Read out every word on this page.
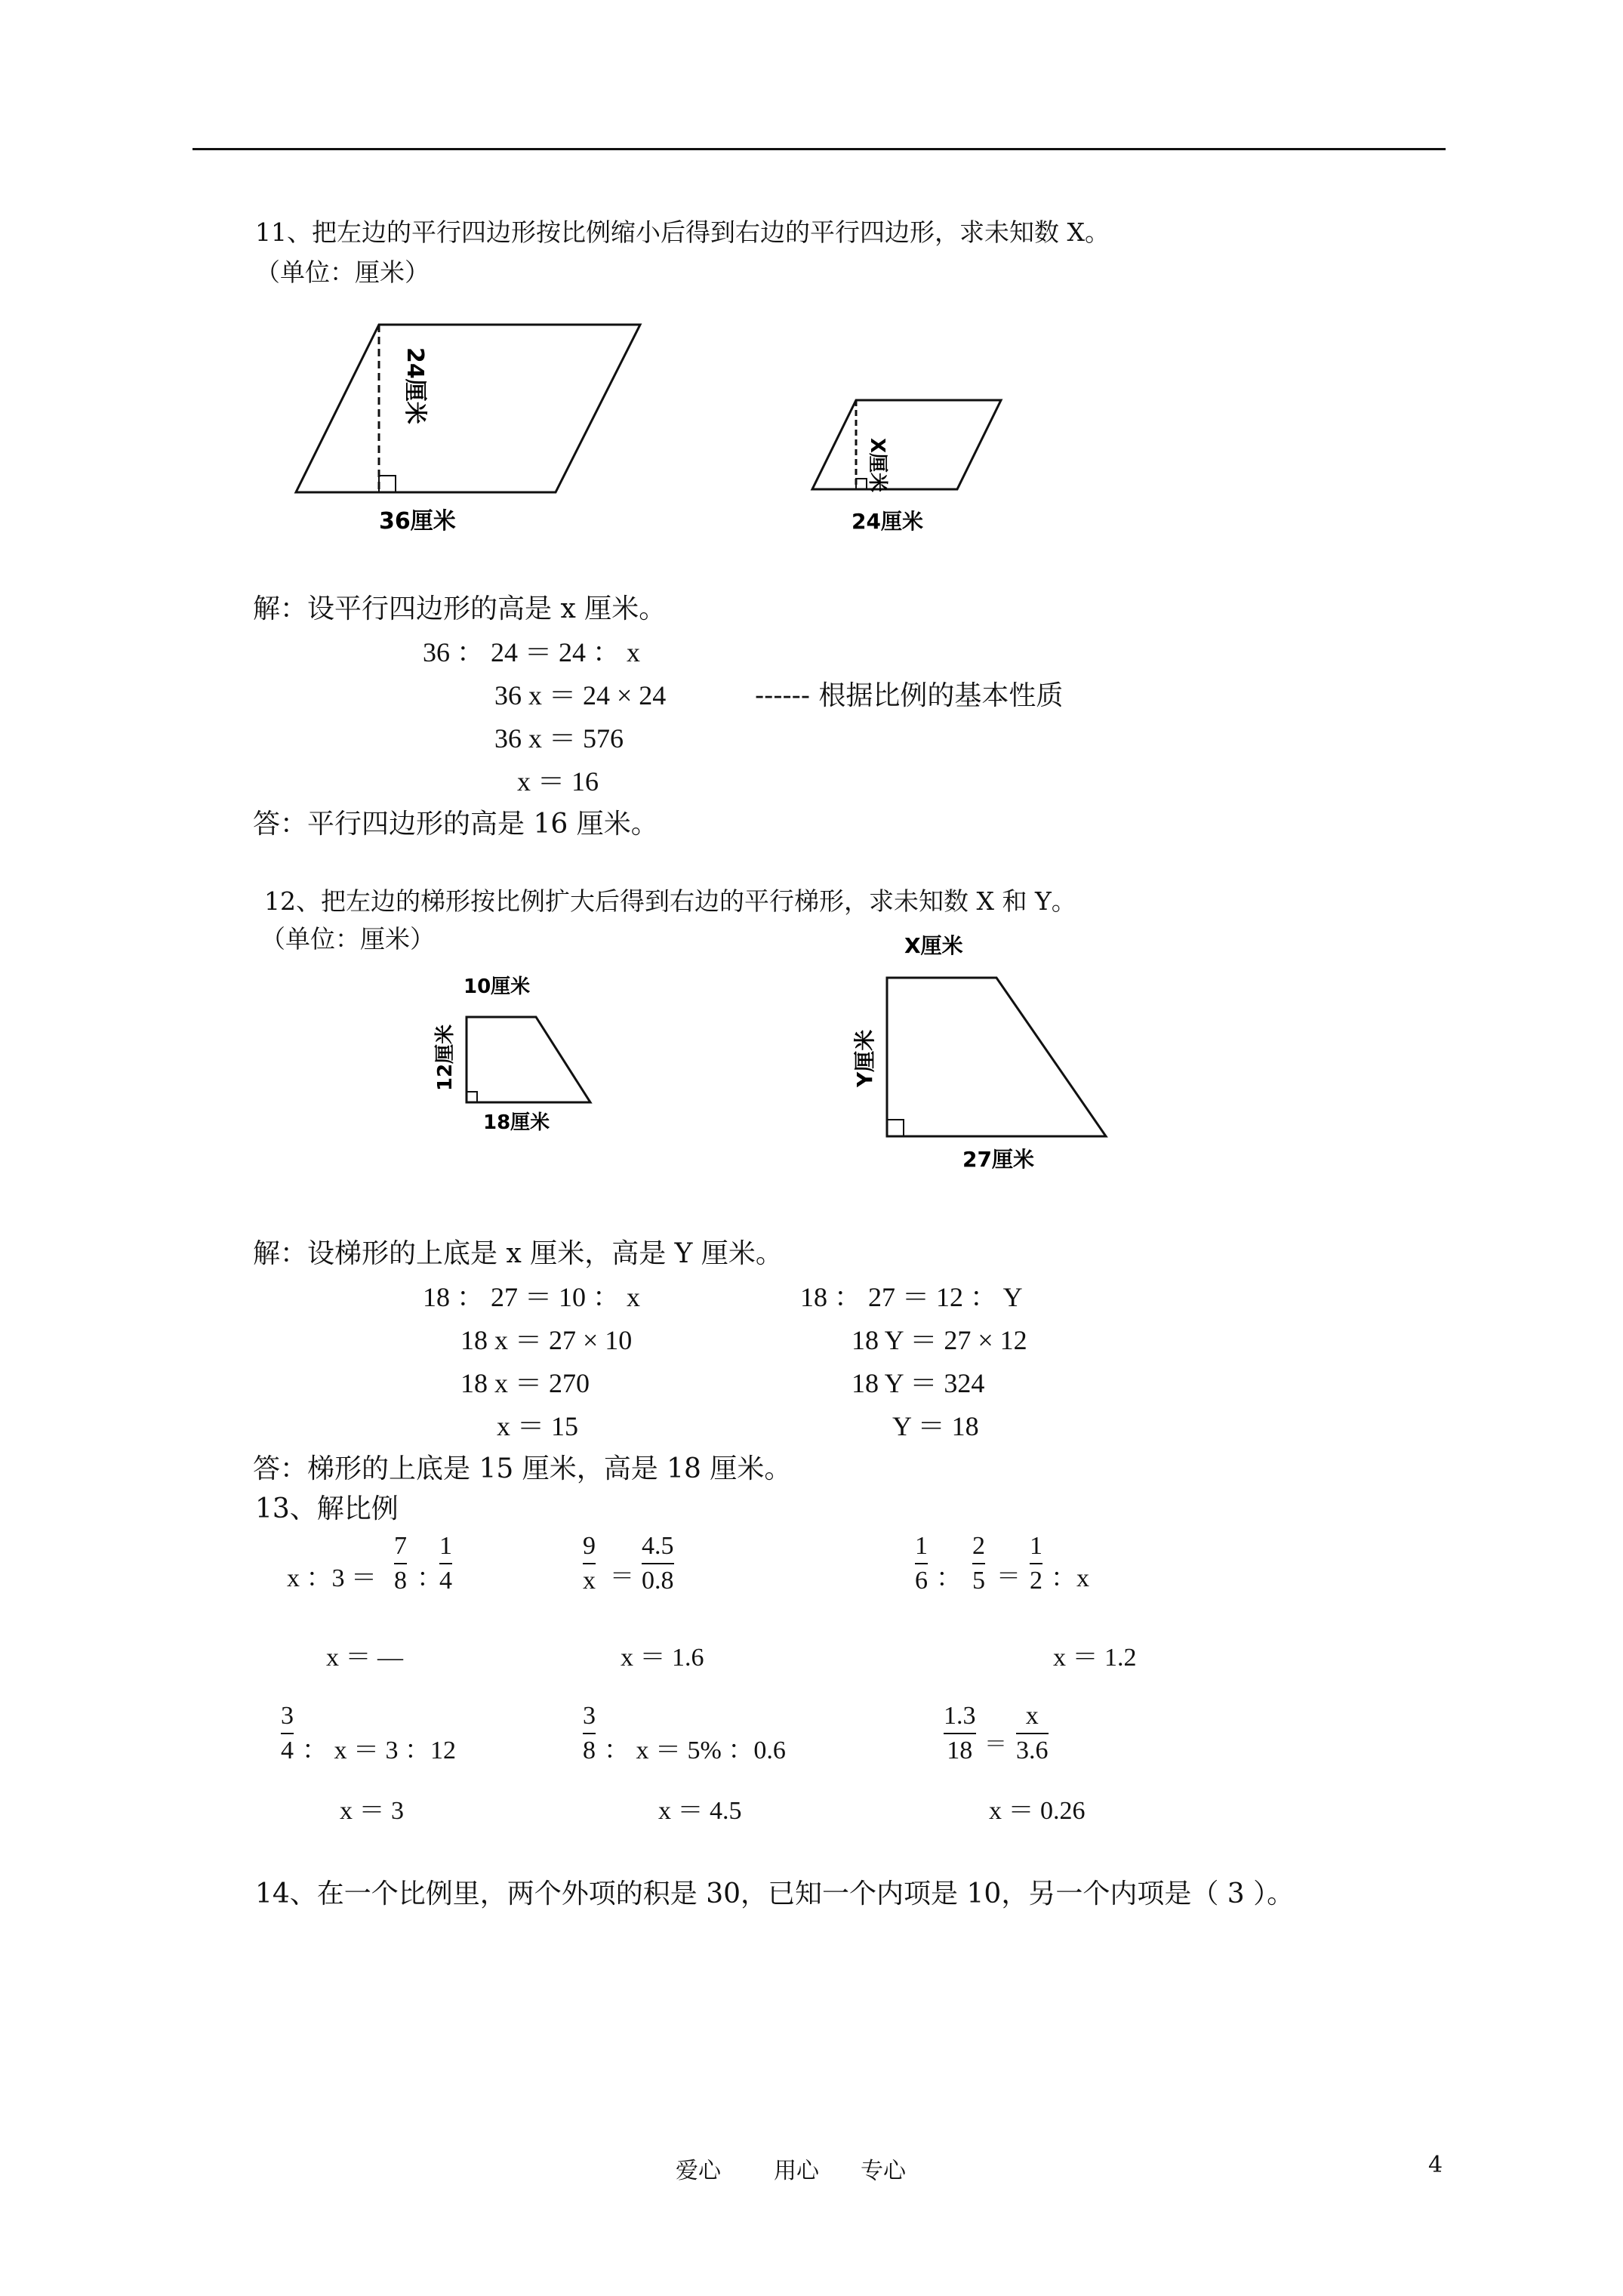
11、把左边的平行四边形按比例缩小后得到右边的平行四边形，求未知数 X。
（单位：厘米）
24厘米
36厘米
X厘米
24厘米
解：设平行四边形的高是 x 厘米。
36 ： 24 ＝ 24 ： x
36 x ＝ 24 × 24	------ 根据比例的基本性质
36 x ＝ 576
x ＝ 16
答：平行四边形的高是 16 厘米。
12、把左边的梯形按比例扩大后得到右边的平行梯形，求未知数 X 和 Y。
（单位：厘米）
10厘米
12厘米
18厘米
X厘米
Y厘米
27厘米
解：设梯形的上底是 x 厘米，高是 Y 厘米。
18 ： 27 ＝ 10 ： x
18 x ＝ 27 × 10
18 x ＝ 270
x ＝ 15
18 ： 27 ＝ 12 ： Y
18 Y ＝ 27 × 12
18 Y ＝ 324
Y ＝ 18
答：梯形的上底是 15 厘米，高是 18 厘米。
13、解比例
x ：3 ＝
7
8 ：
1
4
x ＝ —
9
x ＝
4.5
0.8
x ＝ 1.6
1
6 ：
2
5 ＝
1
2 ：x
x ＝ 1.2
3
4 ： x ＝ 3 ：12
x ＝ 3
3
8 ： x ＝ 5% ：0.6
x ＝ 4.5
1.3
18 ＝
x
3.6
x ＝ 0.26
14、在一个比例里，两个外项的积是 30，已知一个内项是 10，另一个内项是（ 3 ）。
爱心 用心 专心	4
